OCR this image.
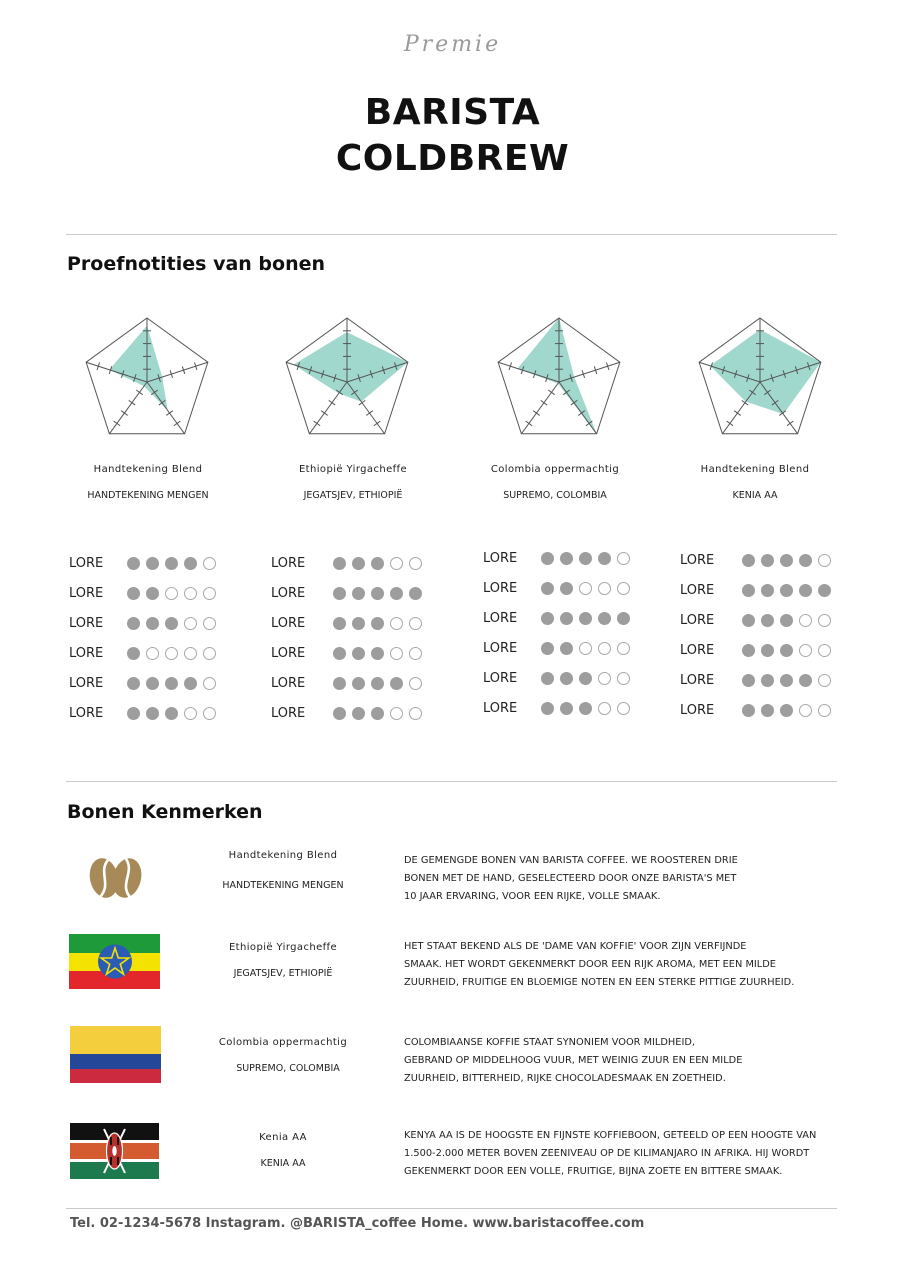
Premie
BARISTA
COLDBREW
Proefnotities van bonen
Handtekening Blend
HANDTEKENING MENGEN
Ethiopië Yirgacheffe
JEGATSJEV, ETHIOPIË
Colombia oppermachtig
SUPREMO, COLOMBIA
Handtekening Blend
KENIA AA
LORE
LORE
LORE
LORE
LORE
LORE
LORE
LORE
LORE
LORE
LORE
LORE
LORE
LORE
LORE
LORE
LORE
LORE
LORE
LORE
LORE
LORE
LORE
LORE
Bonen Kenmerken
Handtekening Blend
HANDTEKENING MENGEN
DE GEMENGDE BONEN VAN BARISTA COFFEE. WE ROOSTEREN DRIE
BONEN MET DE HAND, GESELECTEERD DOOR ONZE BARISTA'S MET
10 JAAR ERVARING, VOOR EEN RIJKE, VOLLE SMAAK.
Ethiopië Yirgacheffe
JEGATSJEV, ETHIOPIË
HET STAAT BEKEND ALS DE 'DAME VAN KOFFIE' VOOR ZIJN VERFIJNDE
SMAAK. HET WORDT GEKENMERKT DOOR EEN RIJK AROMA, MET EEN MILDE
ZUURHEID, FRUITIGE EN BLOEMIGE NOTEN EN EEN STERKE PITTIGE ZUURHEID.
Colombia oppermachtig
SUPREMO, COLOMBIA
COLOMBIAANSE KOFFIE STAAT SYNONIEM VOOR MILDHEID,
GEBRAND OP MIDDELHOOG VUUR, MET WEINIG ZUUR EN EEN MILDE
ZUURHEID, BITTERHEID, RIJKE CHOCOLADESMAAK EN ZOETHEID.
Kenia AA
KENIA AA
KENYA AA IS DE HOOGSTE EN FIJNSTE KOFFIEBOON, GETEELD OP EEN HOOGTE VAN
1.500-2.000 METER BOVEN ZEENIVEAU OP DE KILIMANJARO IN AFRIKA. HIJ WORDT
GEKENMERKT DOOR EEN VOLLE, FRUITIGE, BIJNA ZOETE EN BITTERE SMAAK.
Tel. 02-1234-5678 Instagram. @BARISTA_coffee Home. www.baristacoffee.com
